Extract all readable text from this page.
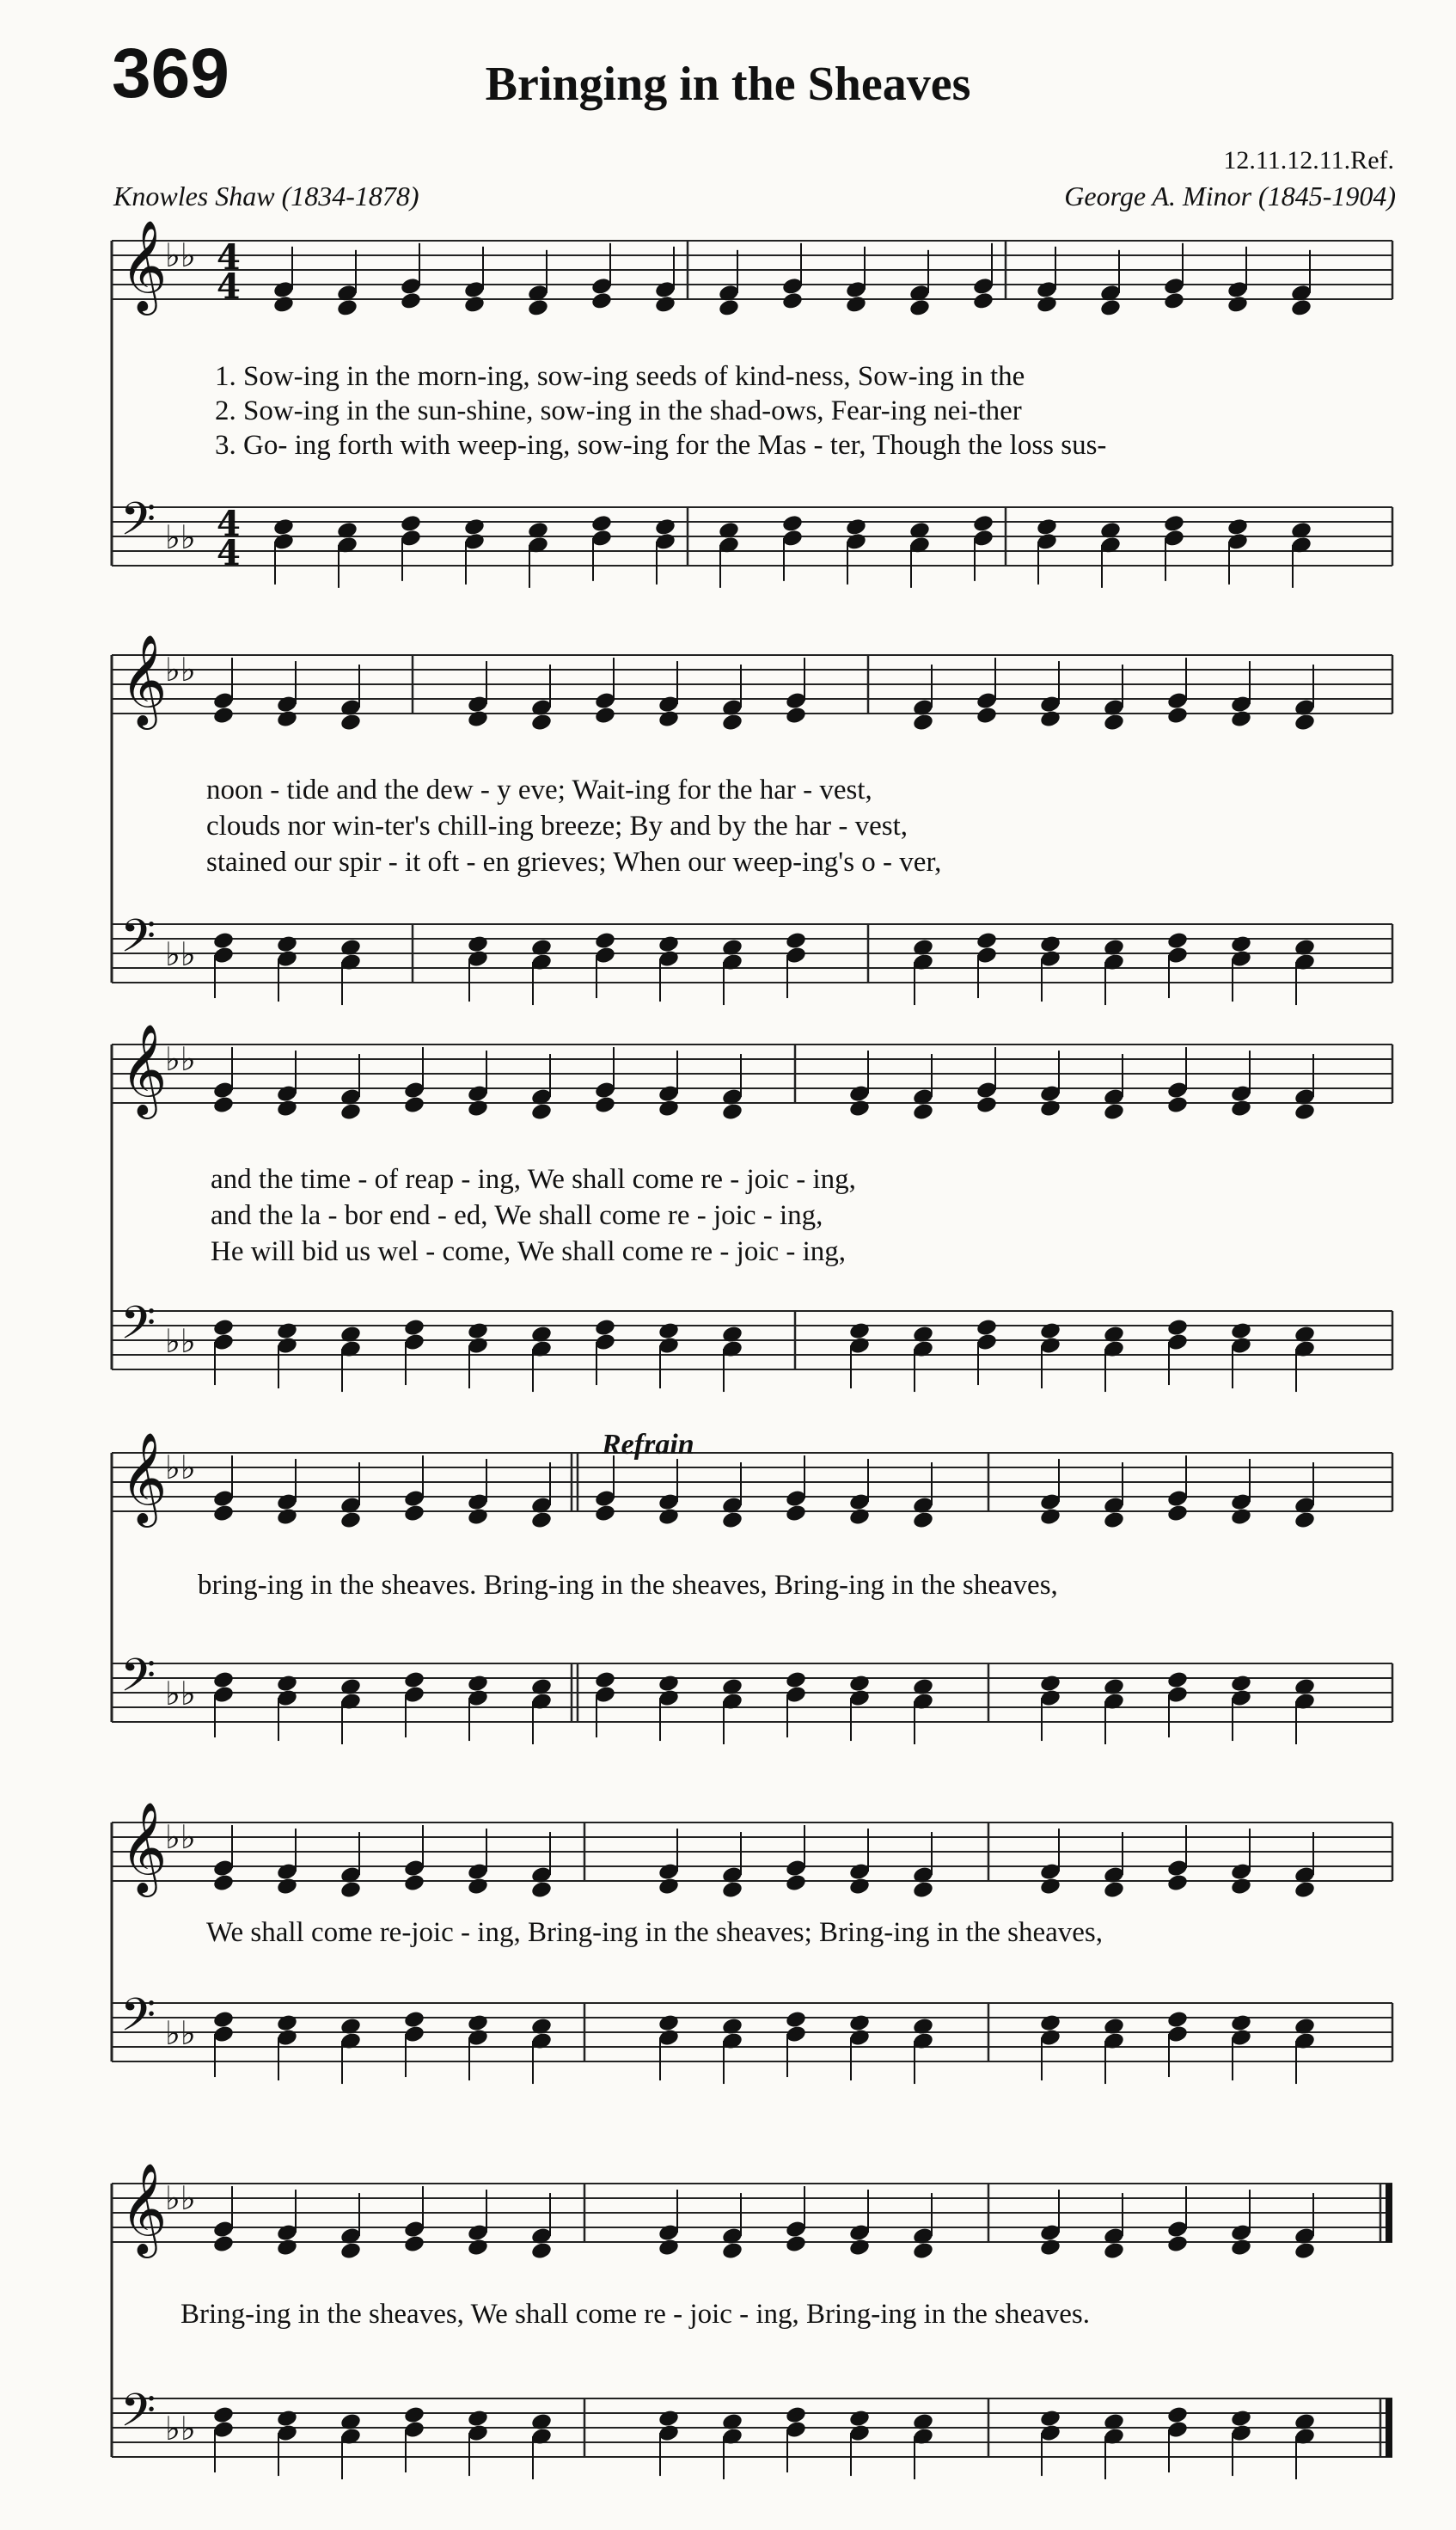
369	Bringing in the Sheaves
12.11.12.11.Ref.
Knowles Shaw (1834-1878)	George A. Minor (1845-1904)
𝄞
♭♭
𝄢 ♭♭
4
4
4
4
𝄞
♭♭
𝄢 ♭♭
𝄞
♭♭
𝄢 ♭♭
𝄞
♭♭
𝄢 ♭♭
𝄞
♭♭
𝄢 ♭♭
𝄞
♭♭
𝄢 ♭♭
1. Sow-ing in the morn-ing, sow-ing seeds of kind-ness, Sow-ing in the
2. Sow-ing in the sun-shine, sow-ing in the shad-ows, Fear-ing nei-ther
3. Go- ing forth with weep-ing, sow-ing for the Mas - ter, Though the loss sus-
noon - tide and the dew - y eve; Wait-ing for the har - vest,
clouds nor win-ter's chill-ing breeze; By and by the har - vest,
stained our spir - it oft - en grieves; When our weep-ing's o - ver,
and the time - of reap - ing, We shall come re - joic - ing,
and the la - bor end - ed, We shall come re - joic - ing,
He will bid us wel - come, We shall come re - joic - ing,
Refrain
bring-ing in the sheaves. Bring-ing in the sheaves, Bring-ing in the sheaves,
We shall come re-joic - ing, Bring-ing in the sheaves; Bring-ing in the sheaves,
Bring-ing in the sheaves, We shall come re - joic - ing, Bring-ing in the sheaves.
